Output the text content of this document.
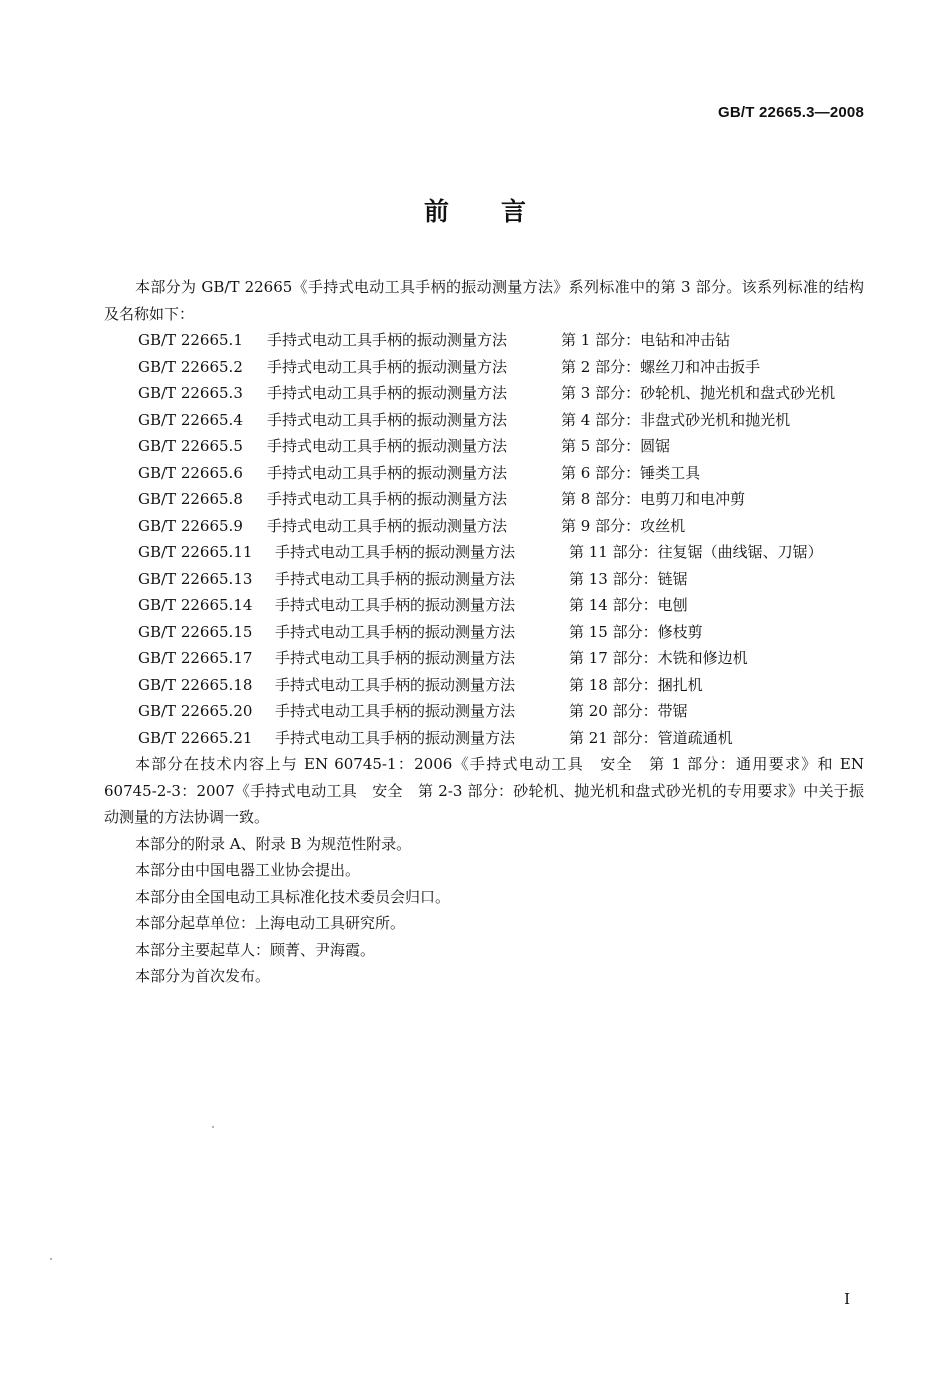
GB/T 22665.3—2008
前言

本部分为 GB/T 22665《手持式电动工具手柄的振动测量方法》系列标准中的第 3 部分。该系列标准的结构及名称如下：

GB/T 22665.1	手持式电动工具手柄的振动测量方法	第 1 部分：电钻和冲击钻
GB/T 22665.2	手持式电动工具手柄的振动测量方法	第 2 部分：螺丝刀和冲击扳手
GB/T 22665.3	手持式电动工具手柄的振动测量方法	第 3 部分：砂轮机、抛光机和盘式砂光机
GB/T 22665.4	手持式电动工具手柄的振动测量方法	第 4 部分：非盘式砂光机和抛光机
GB/T 22665.5	手持式电动工具手柄的振动测量方法	第 5 部分：圆锯
GB/T 22665.6	手持式电动工具手柄的振动测量方法	第 6 部分：锤类工具
GB/T 22665.8	手持式电动工具手柄的振动测量方法	第 8 部分：电剪刀和电冲剪
GB/T 22665.9	手持式电动工具手柄的振动测量方法	第 9 部分：攻丝机
GB/T 22665.11	手持式电动工具手柄的振动测量方法	第 11 部分：往复锯（曲线锯、刀锯）
GB/T 22665.13	手持式电动工具手柄的振动测量方法	第 13 部分：链锯
GB/T 22665.14	手持式电动工具手柄的振动测量方法	第 14 部分：电刨
GB/T 22665.15	手持式电动工具手柄的振动测量方法	第 15 部分：修枝剪
GB/T 22665.17	手持式电动工具手柄的振动测量方法	第 17 部分：木铣和修边机
GB/T 22665.18	手持式电动工具手柄的振动测量方法	第 18 部分：捆扎机
GB/T 22665.20	手持式电动工具手柄的振动测量方法	第 20 部分：带锯
GB/T 22665.21	手持式电动工具手柄的振动测量方法	第 21 部分：管道疏通机

本部分在技术内容上与 EN 60745-1：2006《手持式电动工具　安全　第 1 部分：通用要求》和 EN 60745-2-3：2007《手持式电动工具　安全　第 2-3 部分：砂轮机、抛光机和盘式砂光机的专用要求》中关于振动测量的方法协调一致。

本部分的附录 A、附录 B 为规范性附录。

本部分由中国电器工业协会提出。

本部分由全国电动工具标准化技术委员会归口。

本部分起草单位：上海电动工具研究所。

本部分主要起草人：顾菁、尹海霞。

本部分为首次发布。

I
